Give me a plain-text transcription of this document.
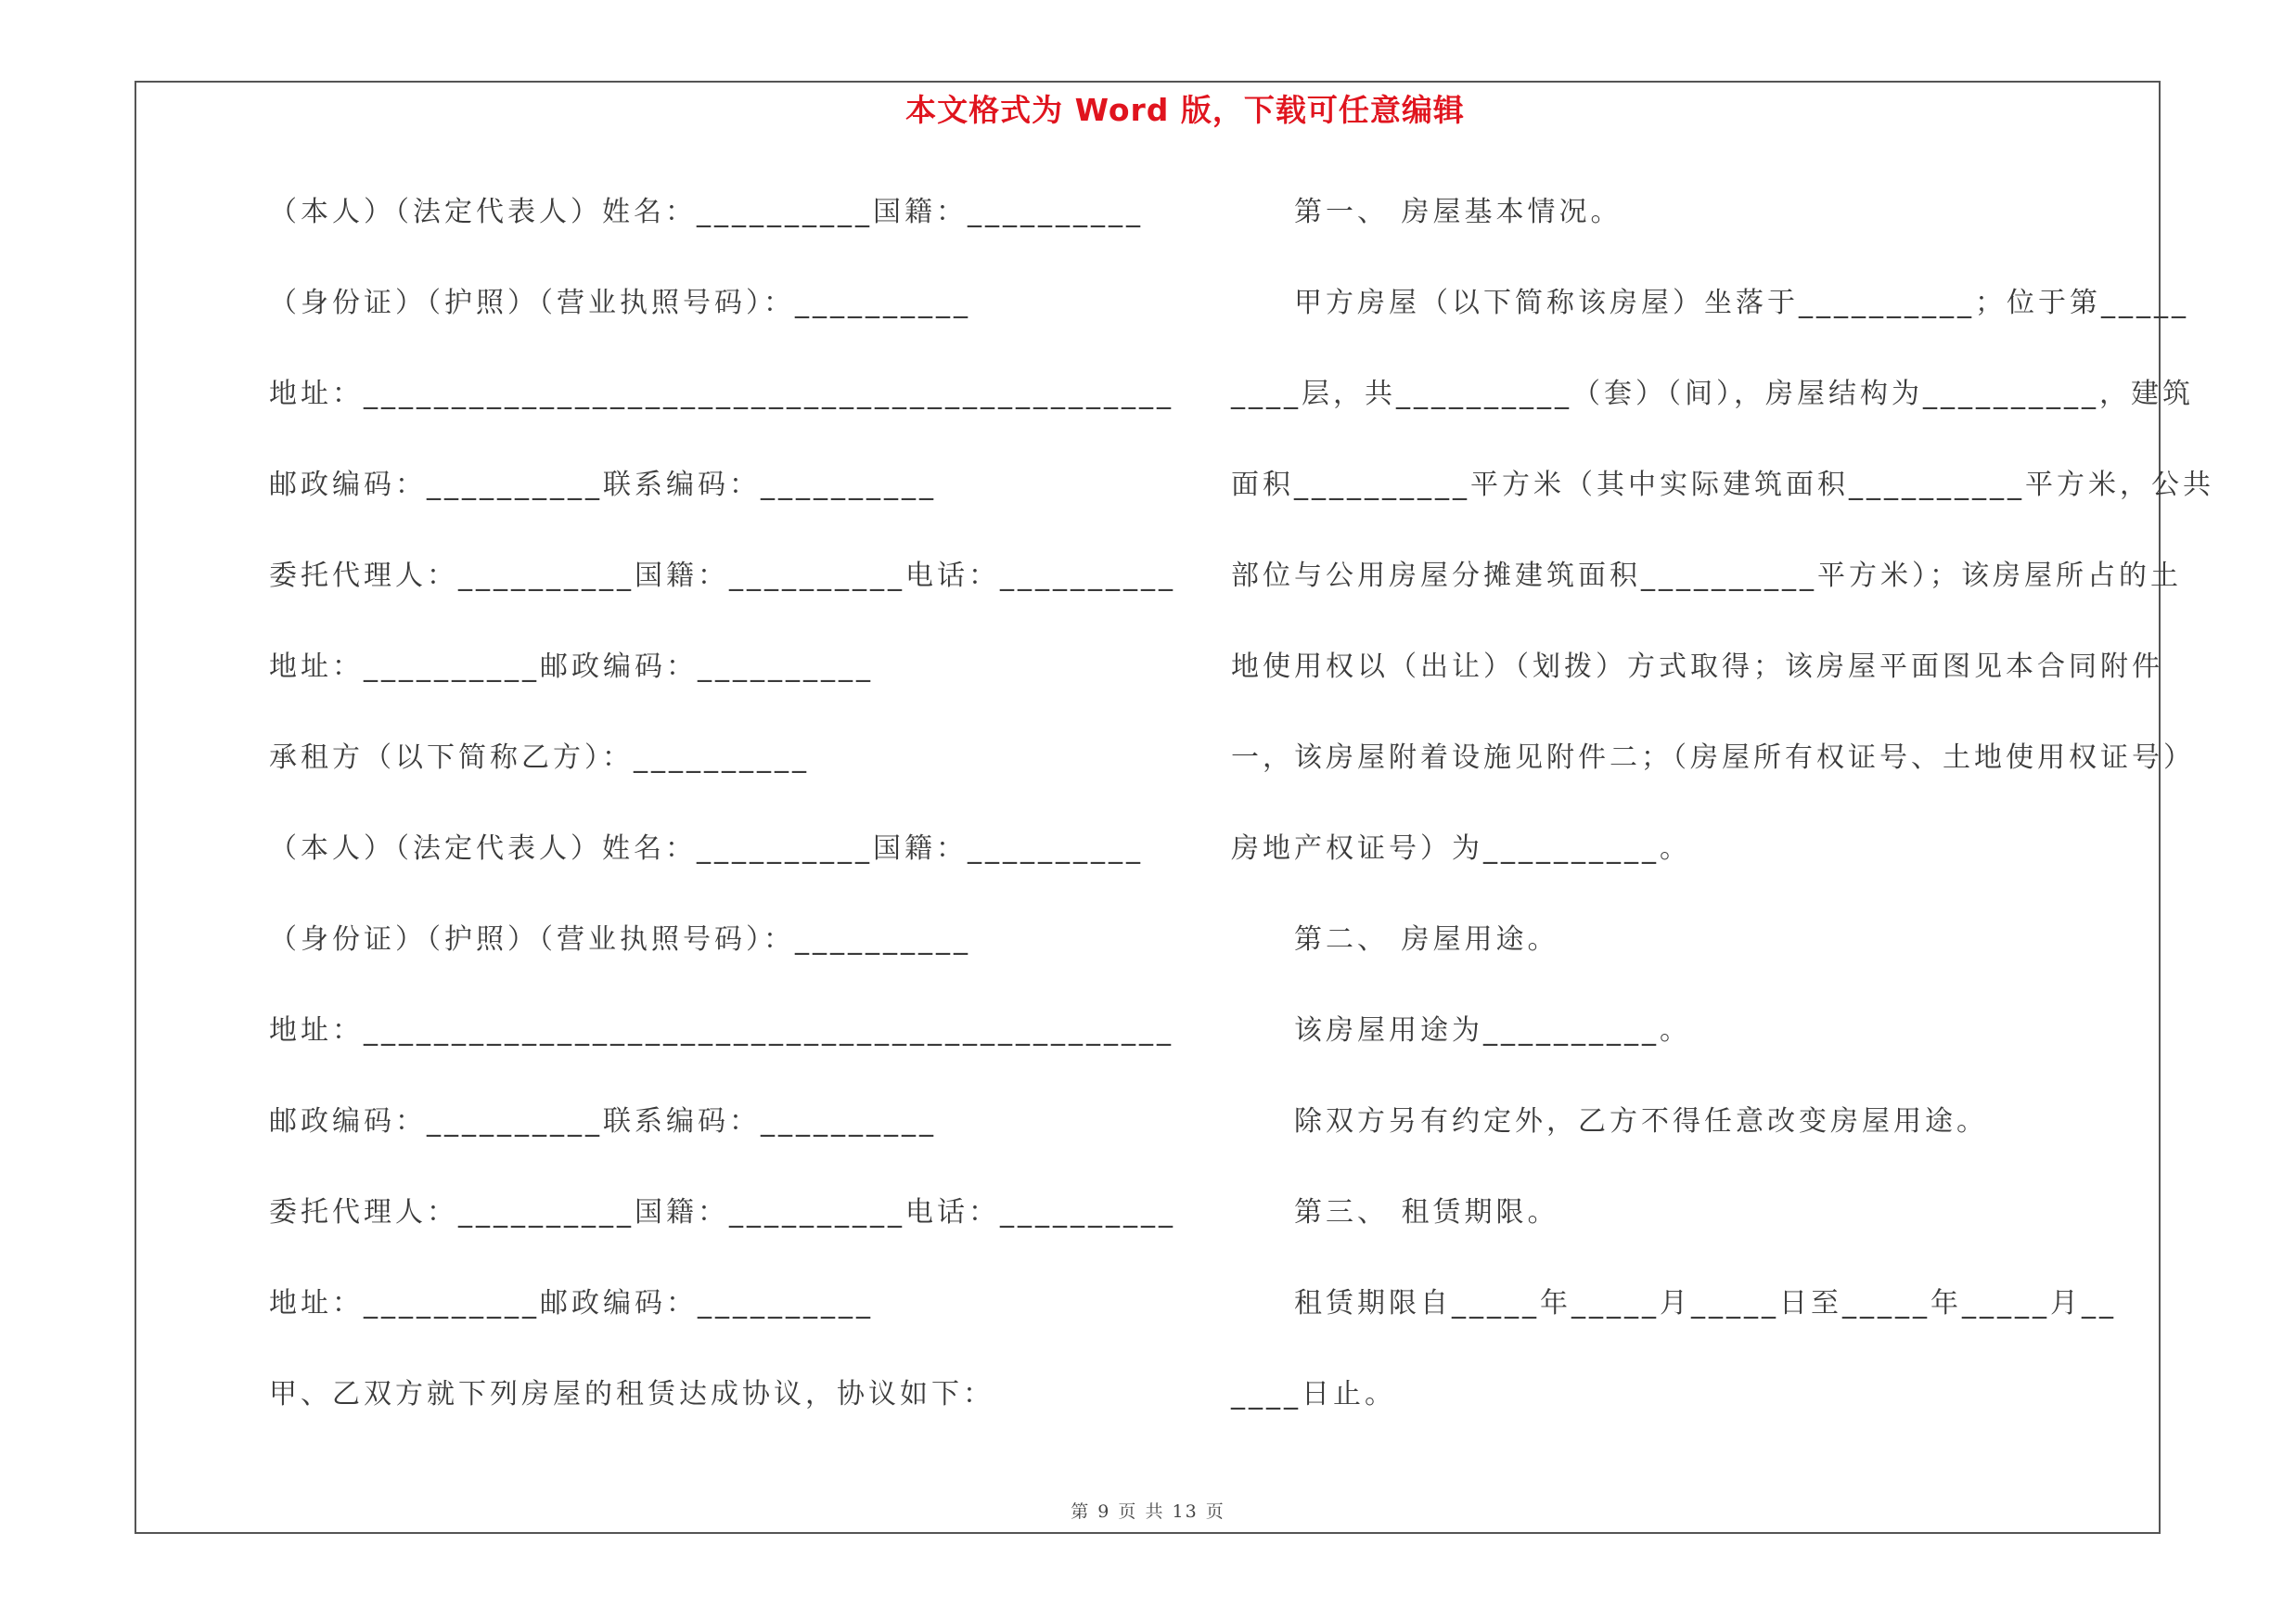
本文格式为 Word 版，下载可任意编辑
（本人）（法定代表人）姓名：__________国籍：__________
（身份证）（护照）（营业执照号码）：__________
地址：______________________________________________
邮政编码：__________联系编码：__________
委托代理人：__________国籍：__________电话：__________
地址：__________邮政编码：__________
承租方（以下简称乙方）：__________
（本人）（法定代表人）姓名：__________国籍：__________
（身份证）（护照）（营业执照号码）：__________
地址：______________________________________________
邮政编码：__________联系编码：__________
委托代理人：__________国籍：__________电话：__________
地址：__________邮政编码：__________
甲、乙双方就下列房屋的租赁达成协议，协议如下：
第一、 房屋基本情况。
甲方房屋（以下简称该房屋）坐落于__________；位于第_____
____层，共__________（套）（间），房屋结构为__________，建筑
面积__________平方米（其中实际建筑面积__________平方米，公共
部位与公用房屋分摊建筑面积__________平方米）；该房屋所占的土
地使用权以（出让）（划拨）方式取得；该房屋平面图见本合同附件
一，该房屋附着设施见附件二；（房屋所有权证号、土地使用权证号）
房地产权证号）为__________。
第二、 房屋用途。
该房屋用途为__________。
除双方另有约定外，乙方不得任意改变房屋用途。
第三、 租赁期限。
租赁期限自_____年_____月_____日至_____年_____月__
____日止。
第 9 页 共 13 页
